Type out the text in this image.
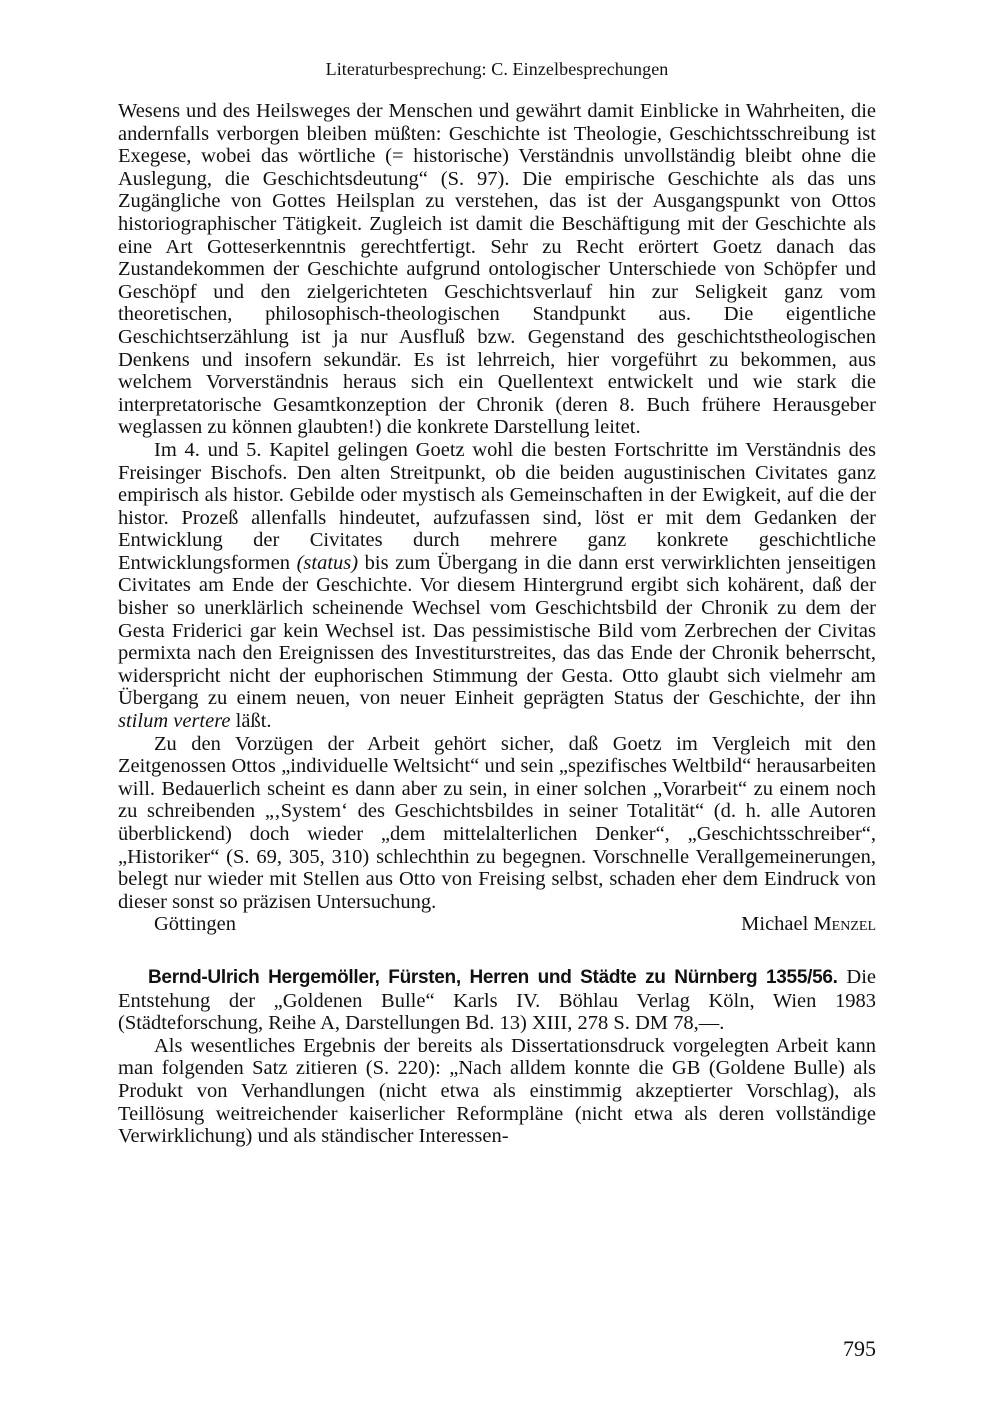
Literaturbesprechung: C. Einzelbesprechungen

Wesens und des Heilsweges der Menschen und gewährt damit Einblicke in Wahrheiten, die andernfalls verborgen bleiben müßten: Geschichte ist Theologie, Geschichtsschreibung ist Exegese, wobei das wörtliche (= historische) Verständnis unvollständig bleibt ohne die Auslegung, die Geschichtsdeutung“ (S. 97). Die empirische Geschichte als das uns Zugängliche von Gottes Heilsplan zu verstehen, das ist der Ausgangspunkt von Ottos historiographischer Tätigkeit. Zugleich ist damit die Beschäftigung mit der Geschichte als eine Art Gotteserkenntnis gerechtfertigt. Sehr zu Recht erörtert Goetz danach das Zustandekommen der Geschichte aufgrund ontologischer Unterschiede von Schöpfer und Geschöpf und den zielgerichteten Geschichtsverlauf hin zur Seligkeit ganz vom theoretischen, philosophisch-theologischen Standpunkt aus. Die eigentliche Geschichtserzählung ist ja nur Ausfluß bzw. Gegenstand des geschichtstheologischen Denkens und insofern sekundär. Es ist lehrreich, hier vorgeführt zu bekommen, aus welchem Vorverständnis heraus sich ein Quellentext entwickelt und wie stark die interpretatorische Gesamtkonzeption der Chronik (deren 8. Buch frühere Herausgeber weglassen zu können glaubten!) die konkrete Darstellung leitet.

Im 4. und 5. Kapitel gelingen Goetz wohl die besten Fortschritte im Verständnis des Freisinger Bischofs. Den alten Streitpunkt, ob die beiden augustinischen Civitates ganz empirisch als histor. Gebilde oder mystisch als Gemeinschaften in der Ewigkeit, auf die der histor. Prozeß allenfalls hindeutet, aufzufassen sind, löst er mit dem Gedanken der Entwicklung der Civitates durch mehrere ganz konkrete geschichtliche Entwicklungsformen (status) bis zum Übergang in die dann erst verwirklichten jenseitigen Civitates am Ende der Geschichte. Vor diesem Hintergrund ergibt sich kohärent, daß der bisher so unerklärlich scheinende Wechsel vom Geschichtsbild der Chronik zu dem der Gesta Friderici gar kein Wechsel ist. Das pessimistische Bild vom Zerbrechen der Civitas permixta nach den Ereignissen des Investiturstreites, das das Ende der Chronik beherrscht, widerspricht nicht der euphorischen Stimmung der Gesta. Otto glaubt sich vielmehr am Übergang zu einem neuen, von neuer Einheit geprägten Status der Geschichte, der ihn stilum vertere läßt.

Zu den Vorzügen der Arbeit gehört sicher, daß Goetz im Vergleich mit den Zeitgenossen Ottos „individuelle Weltsicht“ und sein „spezifisches Weltbild“ herausarbeiten will. Bedauerlich scheint es dann aber zu sein, in einer solchen „Vorarbeit“ zu einem noch zu schreibenden „‚System‘ des Geschichtsbildes in seiner Totalität“ (d. h. alle Autoren überblickend) doch wieder „dem mittelalterlichen Denker“, „Geschichtsschreiber“, „Historiker“ (S. 69, 305, 310) schlechthin zu begegnen. Vorschnelle Verallgemeinerungen, belegt nur wieder mit Stellen aus Otto von Freising selbst, schaden eher dem Eindruck von dieser sonst so präzisen Untersuchung.

Göttingen	Michael Menzel

Bernd-Ulrich Hergemöller, Fürsten, Herren und Städte zu Nürnberg 1355/56. Die Entstehung der „Goldenen Bulle“ Karls IV. Böhlau Verlag Köln, Wien 1983 (Städteforschung, Reihe A, Darstellungen Bd. 13) XIII, 278 S. DM 78,—.

Als wesentliches Ergebnis der bereits als Dissertationsdruck vorgelegten Arbeit kann man folgenden Satz zitieren (S. 220): „Nach alldem konnte die GB (Goldene Bulle) als Produkt von Verhandlungen (nicht etwa als einstimmig akzeptierter Vorschlag), als Teillösung weitreichender kaiserlicher Reformpläne (nicht etwa als deren vollständige Verwirklichung) und als ständischer Interessen-

795
